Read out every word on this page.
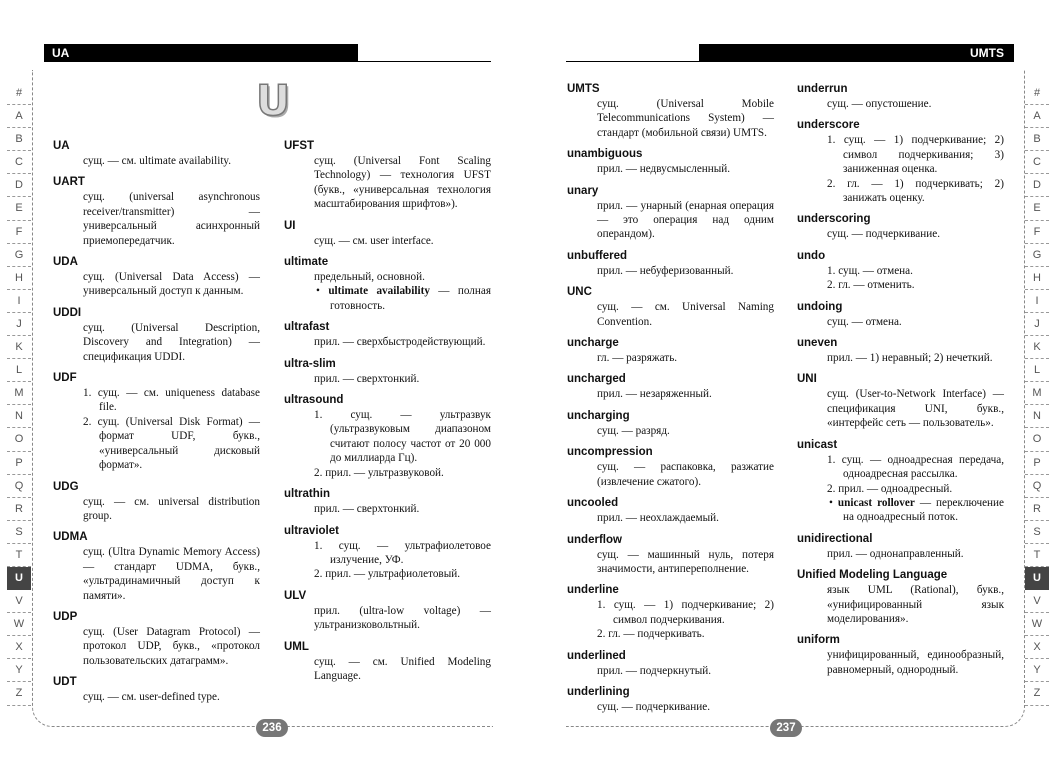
UA	UMTS
#
A
B
C
D
E
F
G
H
I
J
K
L
M
N
O
P
Q
R
S
T
U
V
W
X
Y
Z
#
A
B
C
D
E
F
G
H
I
J
K
L
M
N
O
P
Q
R
S
T
U
V
W
X
Y
Z
U
UA
сущ. — см. ultimate availability.
UART
сущ. (universal asynchronous receiver/transmitter) — универсальный асинхронный приемопередатчик.
UDA
сущ. (Universal Data Access) — универсальный доступ к данным.
UDDI
сущ. (Universal Description, Discovery and Integration) — спецификация UDDI.
UDF
1. сущ. — см. uniqueness database file.
2. сущ. (Universal Disk Format) — формат UDF, букв., «универсальный дисковый формат».
UDG
сущ. — см. universal distribution group.
UDMA
сущ. (Ultra Dynamic Memory Access) — стандарт UDMA, букв., «ультрадинамичный доступ к памяти».
UDP
сущ. (User Datagram Protocol) — протокол UDP, букв., «протокол пользовательских датаграмм».
UDT
сущ. — см. user-defined type.
UFST
сущ. (Universal Font Scaling Technology) — технология UFST (букв., «универсальная технология масштабирования шрифтов»).
UI
сущ. — см. user interface.
ultimate
предельный, основной.
• ultimate availability — полная готовность.
ultrafast
прил. — сверхбыстродействующий.
ultra-slim
прил. — сверхтонкий.
ultrasound
1. сущ. — ультразвук (ультразвуковым диапазоном считают полосу частот от 20 000 до миллиарда Гц).
2. прил. — ультразвуковой.
ultrathin
прил. — сверхтонкий.
ultraviolet
1. сущ. — ультрафиолетовое излучение, УФ.
2. прил. — ультрафиолетовый.
ULV
прил. (ultra-low voltage) — ультранизковольтный.
UML
сущ. — см. Unified Modeling Language.
UMTS
сущ. (Universal Mobile Telecommunications System) — стандарт (мобильной связи) UMTS.
unambiguous
прил. — недвусмысленный.
unary
прил. — унарный (енарная операция — это операция над одним операндом).
unbuffered
прил. — небуферизованный.
UNC
сущ. — см. Universal Naming Convention.
uncharge
гл. — разряжать.
uncharged
прил. — незаряженный.
uncharging
сущ. — разряд.
uncompression
сущ. — распаковка, разжатие (извлечение сжатого).
uncooled
прил. — неохлаждаемый.
underflow
сущ. — машинный нуль, потеря значимости, антипереполнение.
underline
1. сущ. — 1) подчеркивание; 2) символ подчеркивания.
2. гл. — подчеркивать.
underlined
прил. — подчеркнутый.
underlining
сущ. — подчеркивание.
underrun
сущ. — опустошение.
underscore
1. сущ. — 1) подчеркивание; 2) символ подчеркивания; 3) заниженная оценка.
2. гл. — 1) подчеркивать; 2) занижать оценку.
underscoring
сущ. — подчеркивание.
undo
1. сущ. — отмена.
2. гл. — отменить.
undoing
сущ. — отмена.
uneven
прил. — 1) неравный; 2) нечеткий.
UNI
сущ. (User-to-Network Interface) — спецификация UNI, букв., «интерфейс сеть — пользователь».
unicast
1. сущ. — одноадресная передача, одноадресная рассылка.
2. прил. — одноадресный.
• unicast rollover — переключение на одноадресный поток.
unidirectional
прил. — однонаправленный.
Unified Modeling Language
язык UML (Rational), букв., «унифицированный язык моделирования».
uniform
унифицированный, единообразный, равномерный, однородный.
236	237
